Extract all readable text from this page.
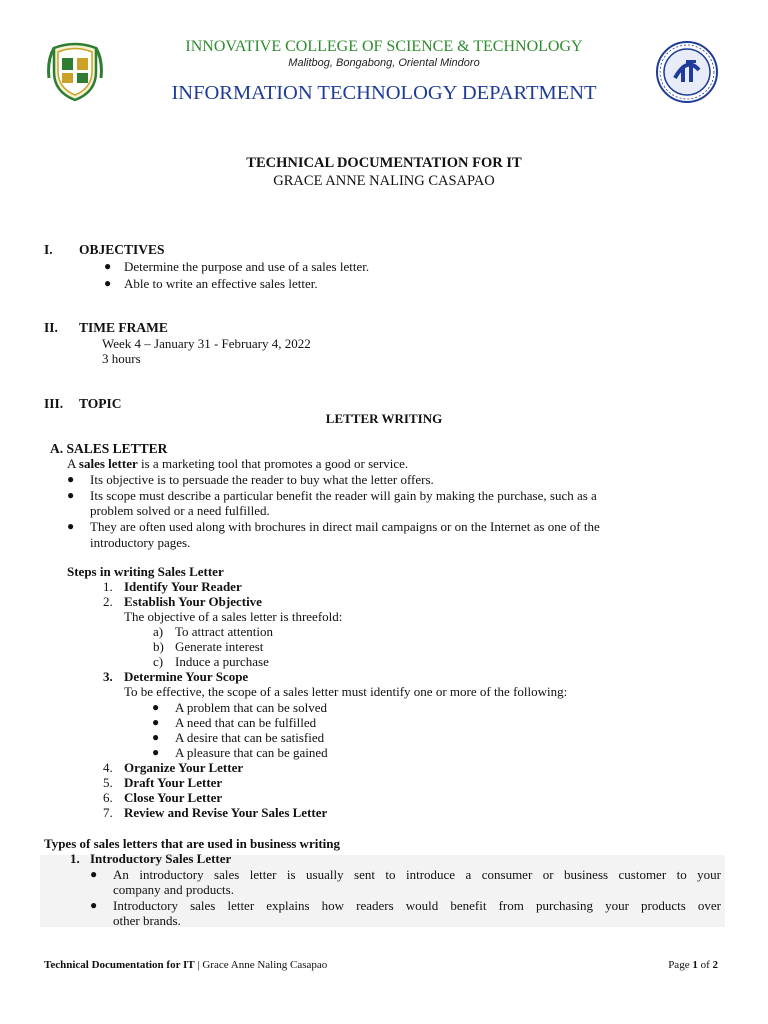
INNOVATIVE COLLEGE OF SCIENCE & TECHNOLOGY
Malitbog, Bongabong, Oriental Mindoro
INFORMATION TECHNOLOGY DEPARTMENT
TECHNICAL DOCUMENTATION FOR IT
GRACE ANNE NALING CASAPAO
I. OBJECTIVES
● Determine the purpose and use of a sales letter.
● Able to write an effective sales letter.
II. TIME FRAME
Week 4 – January 31 - February 4, 2022
3 hours
III. TOPIC
LETTER WRITING
A. SALES LETTER
A sales letter is a marketing tool that promotes a good or service.
● Its objective is to persuade the reader to buy what the letter offers.
● Its scope must describe a particular benefit the reader will gain by making the purchase, such as a
problem solved or a need fulfilled.
● They are often used along with brochures in direct mail campaigns or on the Internet as one of the
introductory pages.
Steps in writing Sales Letter
1. Identify Your Reader
2. Establish Your Objective
The objective of a sales letter is threefold:
a) To attract attention
b) Generate interest
c) Induce a purchase
3. Determine Your Scope
To be effective, the scope of a sales letter must identify one or more of the following:
● A problem that can be solved
● A need that can be fulfilled
● A desire that can be satisfied
● A pleasure that can be gained
4. Organize Your Letter
5. Draft Your Letter
6. Close Your Letter
7. Review and Revise Your Sales Letter
Types of sales letters that are used in business writing
1. Introductory Sales Letter
● An introductory sales letter is usually sent to introduce a consumer or business customer to your
company and products.
● Introductory sales letter explains how readers would benefit from purchasing your products over
other brands.
Technical Documentation for IT | Grace Anne Naling Casapao	Page 1 of 2
